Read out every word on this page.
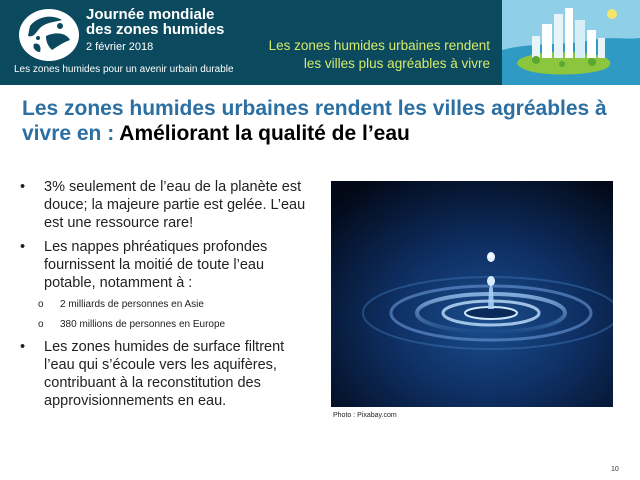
Journée mondiale
des zones humides
2 février 2018
Les zones humides pour un avenir urbain durable
Les zones humides urbaines rendent
les villes plus agréables à vivre
Les zones humides urbaines rendent les villes agréables à vivre en : Améliorant la qualité de l’eau
• 3% seulement de l’eau de la planète est douce; la majeure partie est gelée. L’eau est une ressource rare!
• Les nappes phréatiques profondes fournissent la moitié de toute l’eau potable, notamment à :
o 2 milliards de personnes en Asie
o 380 millions de personnes en Europe
• Les zones humides de surface filtrent l’eau qui s’écoule vers les aquifères, contribuant à la reconstitution des approvisionnements en eau.
Photo : Pixabay.com
10
